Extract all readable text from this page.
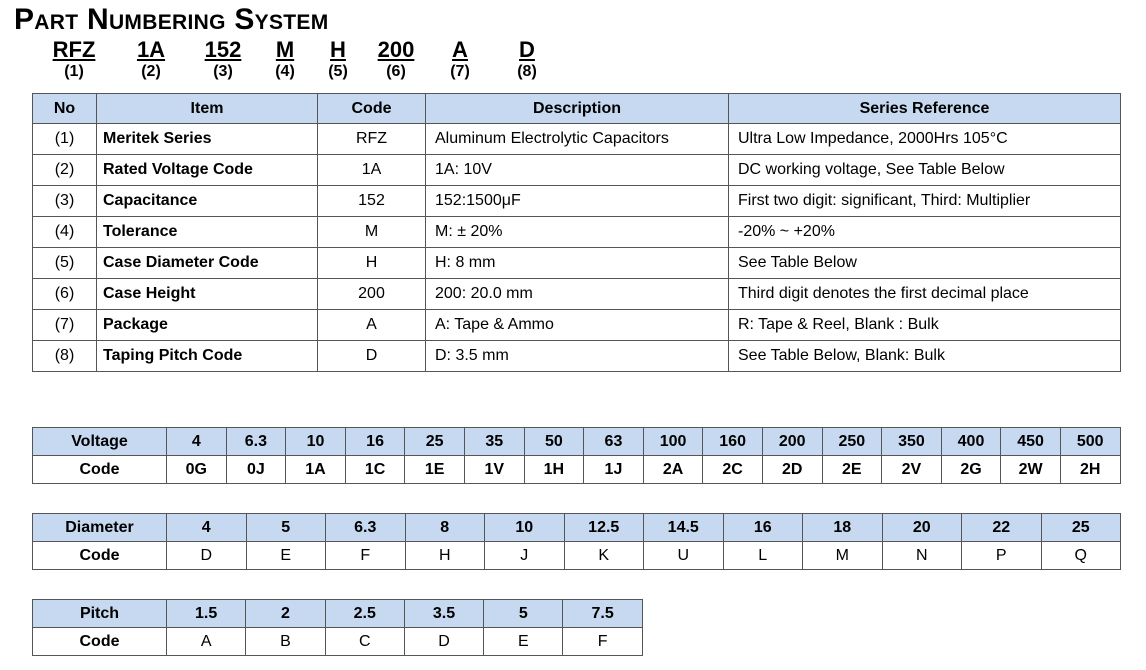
Part Numbering System
RFZ
(1)
1A
(2)
152
(3)
M
(4)
H
(5)
200
(6)
A
(7)
D
(8)
No	Item	Code	Description	Series Reference
(1)	Meritek Series	RFZ	Aluminum Electrolytic Capacitors	Ultra Low Impedance, 2000Hrs 105°C
(2)	Rated Voltage Code	1A	1A: 10V	DC working voltage, See Table Below
(3)	Capacitance	152	152:1500μF	First two digit: significant, Third: Multiplier
(4)	Tolerance	M	M: ± 20%	-20% ~ +20%
(5)	Case Diameter Code	H	H: 8 mm	See Table Below
(6)	Case Height	200	200: 20.0 mm	Third digit denotes the first decimal place
(7)	Package	A	A: Tape & Ammo	R: Tape & Reel, Blank : Bulk
(8)	Taping Pitch Code	D	D: 3.5 mm	See Table Below, Blank: Bulk
Voltage	4	6.3	10	16	25	35	50	63	100	160	200	250	350	400	450	500
Code	0G	0J	1A	1C	1E	1V	1H	1J	2A	2C	2D	2E	2V	2G	2W	2H
Diameter	4	5	6.3	8	10	12.5	14.5	16	18	20	22	25
Code	D	E	F	H	J	K	U	L	M	N	P	Q
Pitch	1.5	2	2.5	3.5	5	7.5
Code	A	B	C	D	E	F
